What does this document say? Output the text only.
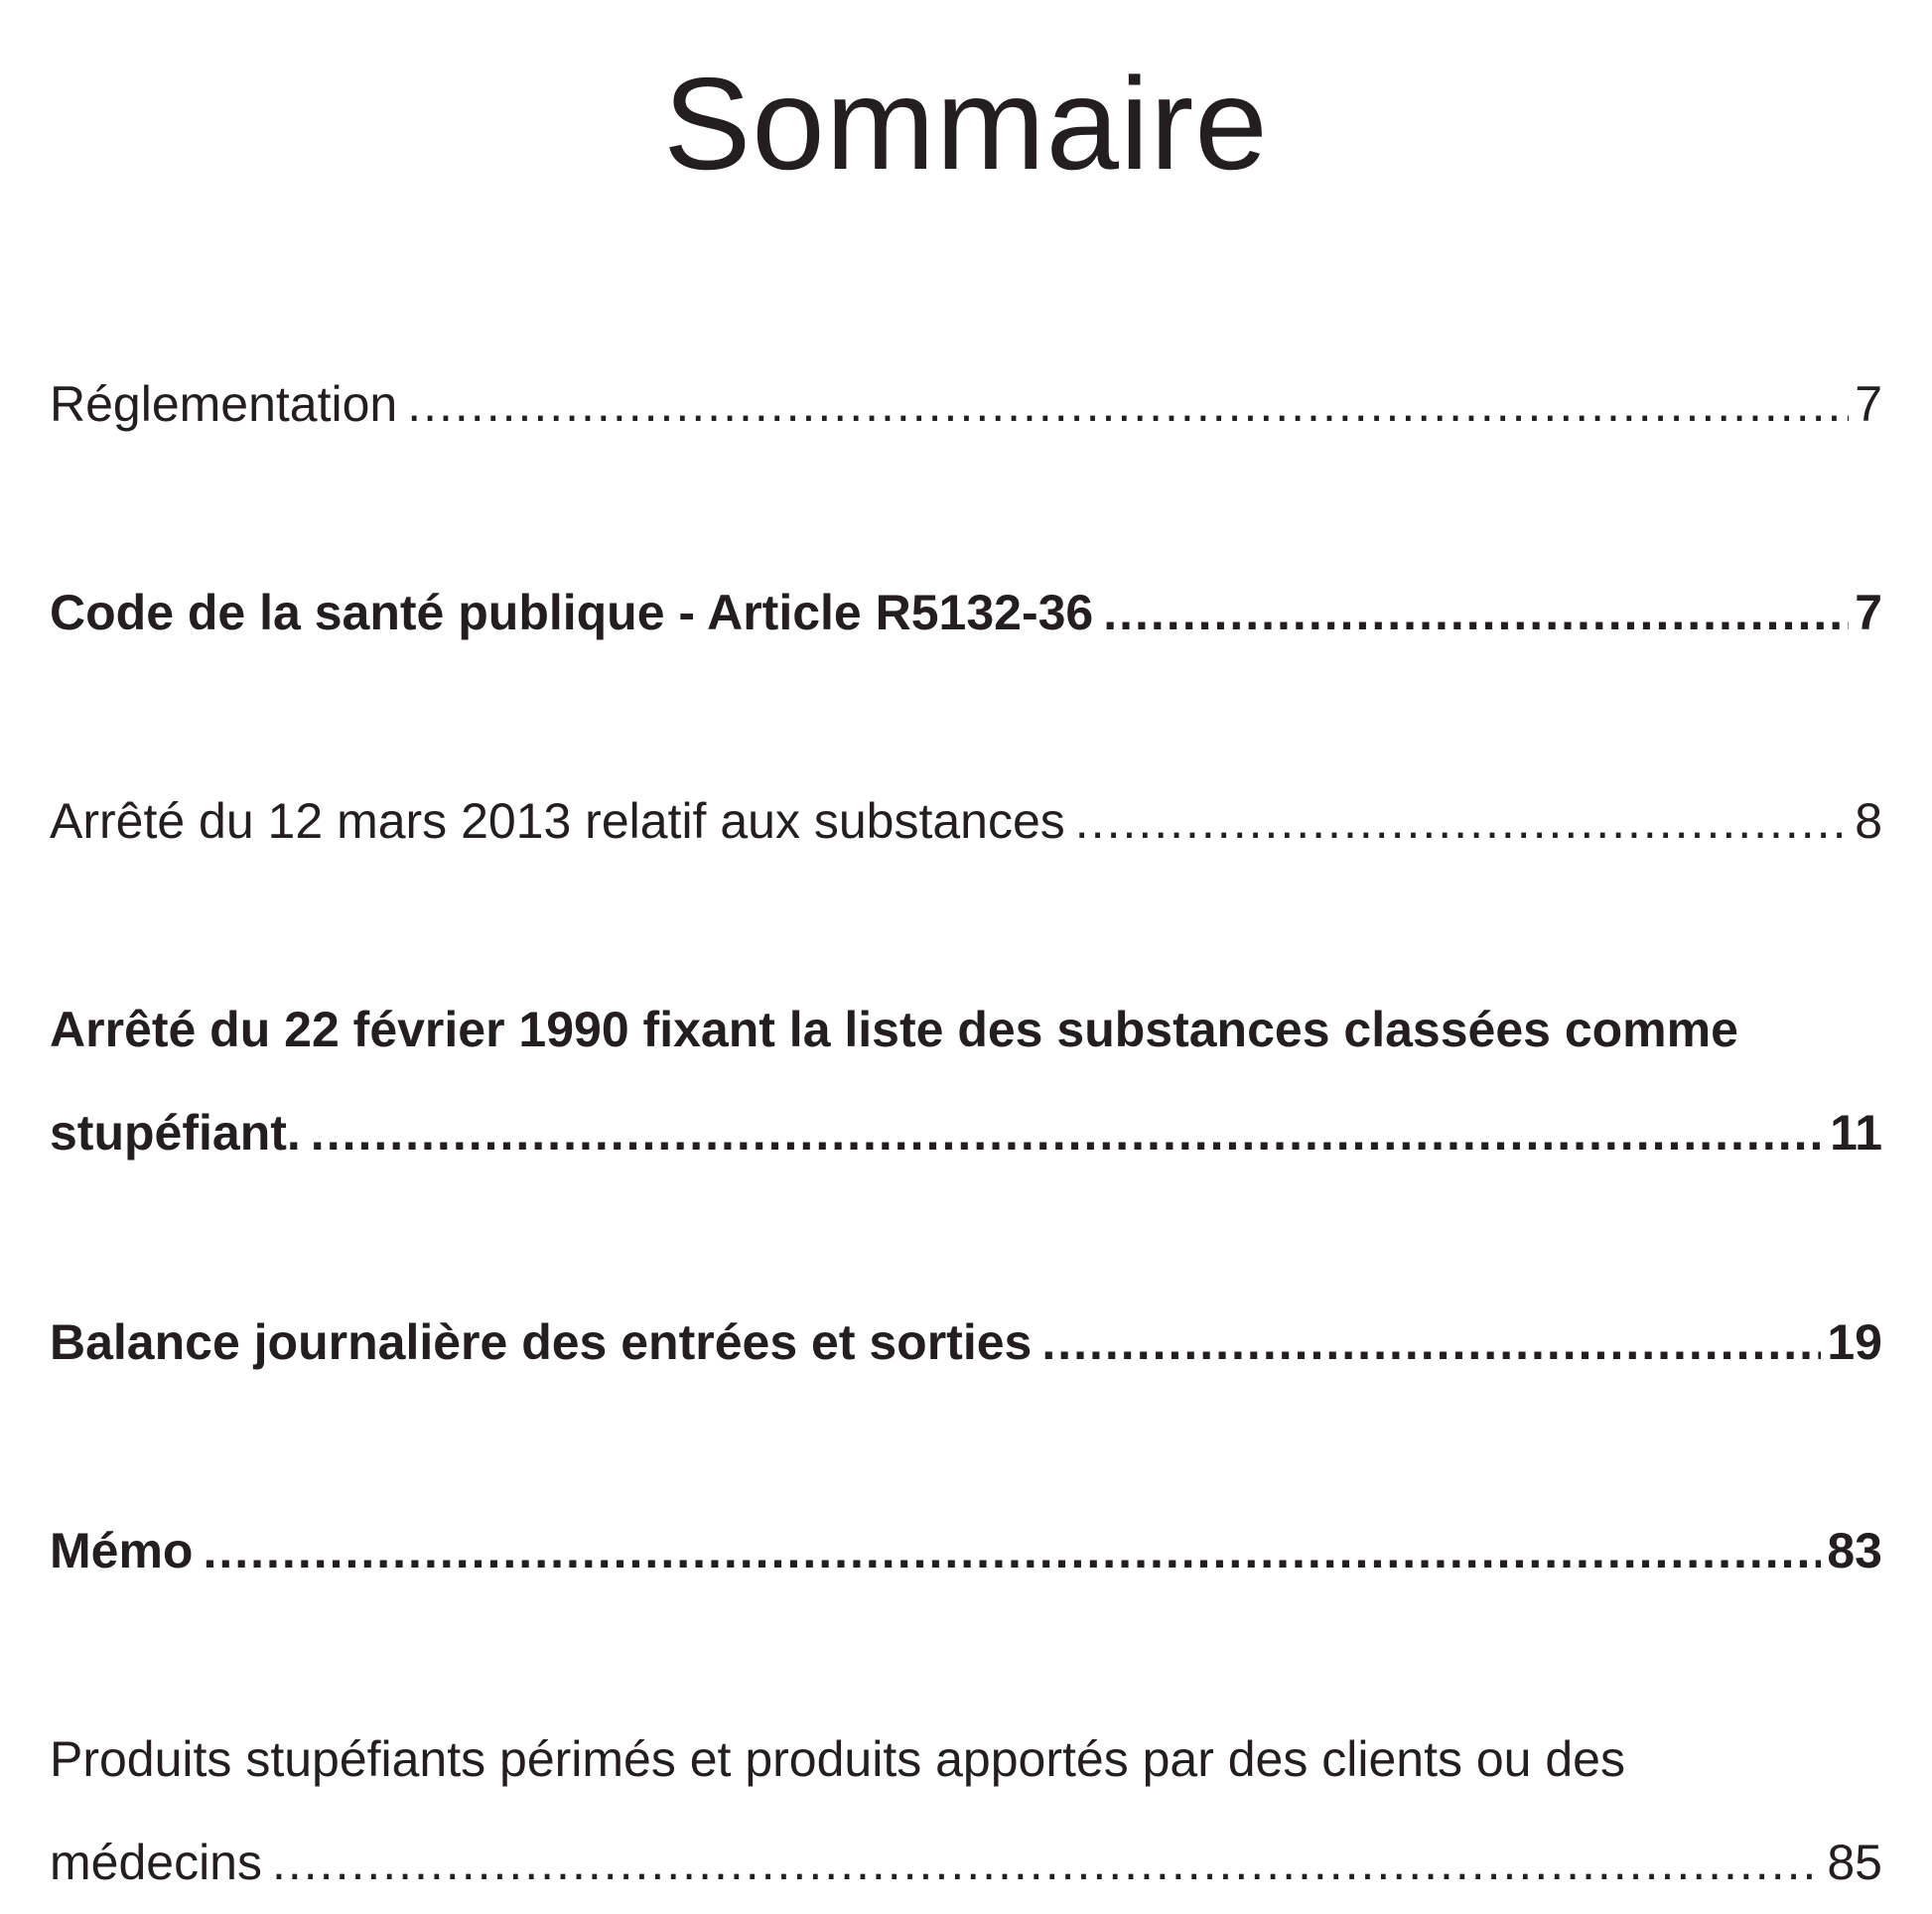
Sommaire
Réglementation .....	7
Code de la santé publique - Article R5132-36 .....	7
Arrêté du 12 mars 2013 relatif aux substances .....	8
Arrêté du 22 février 1990 fixant la liste des substances classées comme
stupéfiant. .....	11
Balance journalière des entrées et sorties .....	19
Mémo .....	83
Produits stupéfiants périmés et produits apportés par des clients ou des
médecins .....	85
